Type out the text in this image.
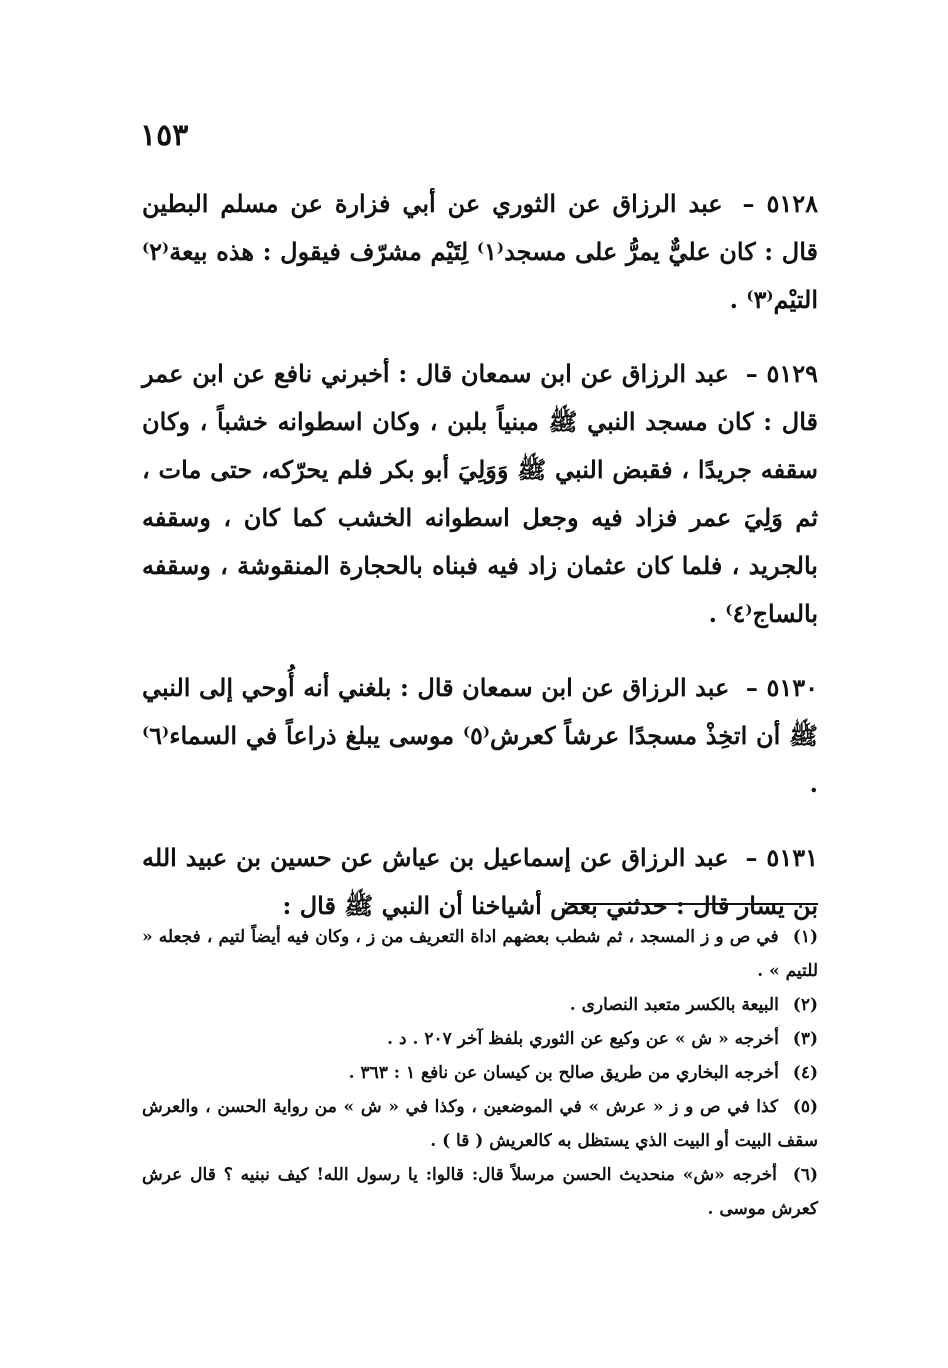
١٥٣

٥١٢٨ – عبد الرزاق عن الثوري عن أبي فزارة عن مسلم البطين قال : كان عليٌّ يمرُّ على مسجد⁽١⁾ لِتَيْم مشرّف فيقول : هذه بيعة⁽٢⁾ التيْم⁽٣⁾ .

٥١٢٩ – عبد الرزاق عن ابن سمعان قال : أخبرني نافع عن ابن عمر قال : كان مسجد النبي ﷺ مبنياً بلبن ، وكان اسطوانه خشباً ، وكان سقفه جريدًا ، فقبض النبي ﷺ وَوَلِيَ أبو بكر فلم يحرّكه، حتى مات ، ثم وَلِيَ عمر فزاد فيه وجعل اسطوانه الخشب كما كان ، وسقفه بالجريد ، فلما كان عثمان زاد فيه فبناه بالحجارة المنقوشة ، وسقفه بالساج⁽٤⁾ .

٥١٣٠ – عبد الرزاق عن ابن سمعان قال : بلغني أنه أُوحي إلى النبي ﷺ أن اتخِذْ مسجدًا عرشاً كعرش⁽٥⁾ موسى يبلغ ذراعاً في السماء⁽٦⁾ .

٥١٣١ – عبد الرزاق عن إسماعيل بن عياش عن حسين بن عبيد الله بن يسار قال : حدثني بعض أشياخنا أن النبي ﷺ قال :

(١) في ص و ز المسجد ، ثم شطب بعضهم اداة التعريف من ز ، وكان فيه أيضاً لتيم ، فجعله « للتيم » .

(٢) البيعة بالكسر متعبد النصارى .

(٣) أخرجه « ش » عن وكيع عن الثوري بلفظ آخر ٢٠٧ . د .

(٤) أخرجه البخاري من طريق صالح بن كيسان عن نافع ١ : ٣٦٣ .

(٥) كذا في ص و ز « عرش » في الموضعين ، وكذا في « ش » من رواية الحسن ، والعرش سقف البيت أو البيت الذي يستظل به كالعريش ( قا ) .

(٦) أخرجه «ش» منحديث الحسن مرسلاً قال: قالوا: يا رسول الله! كيف نبنيه ؟ قال عرش كعرش موسى .
